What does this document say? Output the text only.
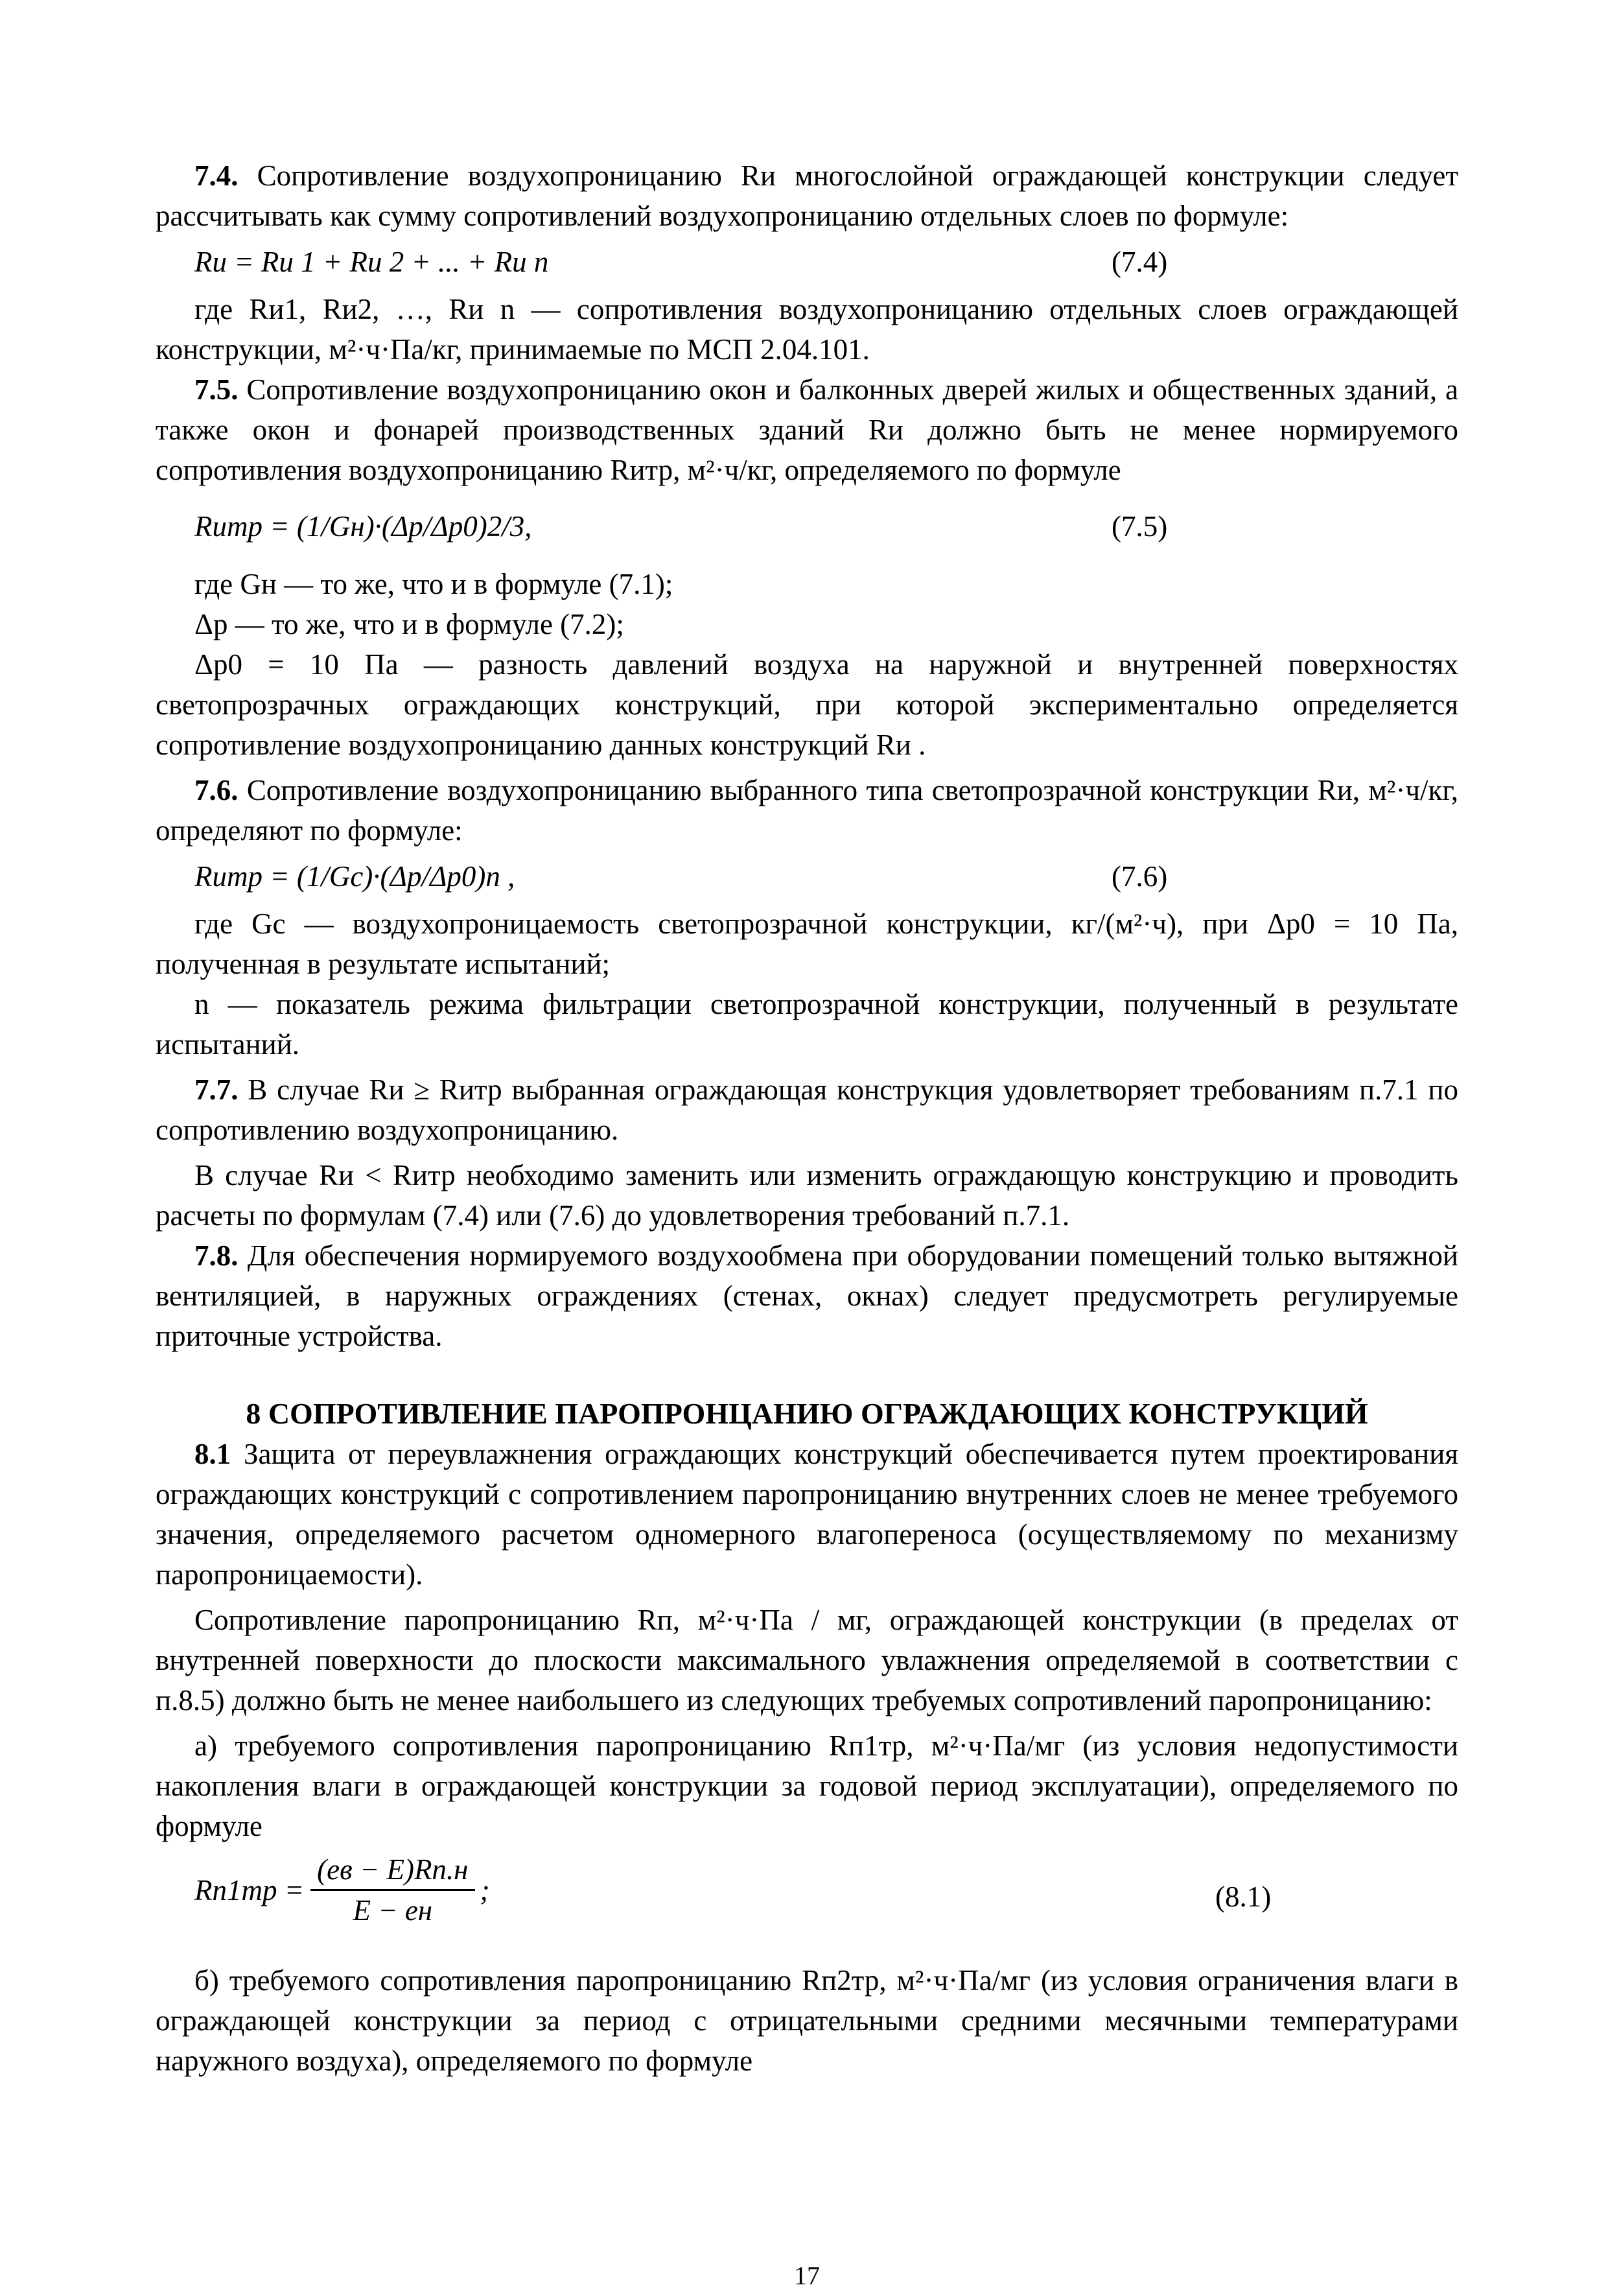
7.4. Сопротивление воздухопроницанию Rи многослойной ограждающей конструкции следует рассчитывать как сумму сопротивлений воздухопроницанию отдельных слоев по формуле:

Rи = Rи 1 + Rи 2 + ... + Rи n	(7.4)

где Rи1, Rи2, …, Rи n — сопротивления воздухопроницанию отдельных слоев ограждающей конструкции, м²·ч·Па/кг, принимаемые по МСП 2.04.101.

7.5. Сопротивление воздухопроницанию окон и балконных дверей жилых и общественных зданий, а также окон и фонарей производственных зданий Rи должно быть не менее нормируемого сопротивления воздухопроницанию Rитр, м²·ч/кг, определяемого по формуле

Rитр = (1/Gн)·(Δp/Δp0)2/3,	(7.5)

где Gн — то же, что и в формуле (7.1);

Δp — то же, что и в формуле (7.2);

Δp0 = 10 Па — разность давлений воздуха на наружной и внутренней поверхностях светопрозрачных ограждающих конструкций, при которой экспериментально определяется сопротивление воздухопроницанию данных конструкций Rи .

7.6. Сопротивление воздухопроницанию выбранного типа светопрозрачной конструкции Rи, м²·ч/кг, определяют по формуле:

Rитр = (1/Gс)·(Δp/Δp0)n ,	(7.6)

где Gс — воздухопроницаемость светопрозрачной конструкции, кг/(м²·ч), при Δp0 = 10 Па, полученная в результате испытаний;

n — показатель режима фильтрации светопрозрачной конструкции, полученный в результате испытаний.

7.7. В случае Rи ≥ Rитр выбранная ограждающая конструкция удовлетворяет требованиям п.7.1 по сопротивлению воздухопроницанию.

В случае Rи < Rитр необходимо заменить или изменить ограждающую конструкцию и проводить расчеты по формулам (7.4) или (7.6) до удовлетворения требований п.7.1.

7.8. Для обеспечения нормируемого воздухообмена при оборудовании помещений только вытяжной вентиляцией, в наружных ограждениях (стенах, окнах) следует предусмотреть регулируемые приточные устройства.

8 СОПРОТИВЛЕНИЕ ПАРОПРОНЦАНИЮ ОГРАЖДАЮЩИХ КОНСТРУКЦИЙ

8.1 Защита от переувлажнения ограждающих конструкций обеспечивается путем проектирования ограждающих конструкций с сопротивлением паропроницанию внутренних слоев не менее требуемого значения, определяемого расчетом одномерного влагопереноса (осуществляемому по механизму паропроницаемости).

Сопротивление паропроницанию Rп, м²·ч·Па / мг, ограждающей конструкции (в пределах от внутренней поверхности до плоскости максимального увлажнения определяемой в соответствии с п.8.5) должно быть не менее наибольшего из следующих требуемых сопротивлений паропроницанию:

а) требуемого сопротивления паропроницанию Rп1тр, м²·ч·Па/мг (из условия недопустимости накопления влаги в ограждающей конструкции за годовой период эксплуатации), определяемого по формуле

$Rп1тр = \frac{(eв - E)Rп.н}{E - eн}$ ;	(8.1)

б) требуемого сопротивления паропроницанию Rп2тр, м²·ч·Па/мг (из условия ограничения влаги в ограждающей конструкции за период с отрицательными средними месячными температурами наружного воздуха), определяемого по формуле

17
